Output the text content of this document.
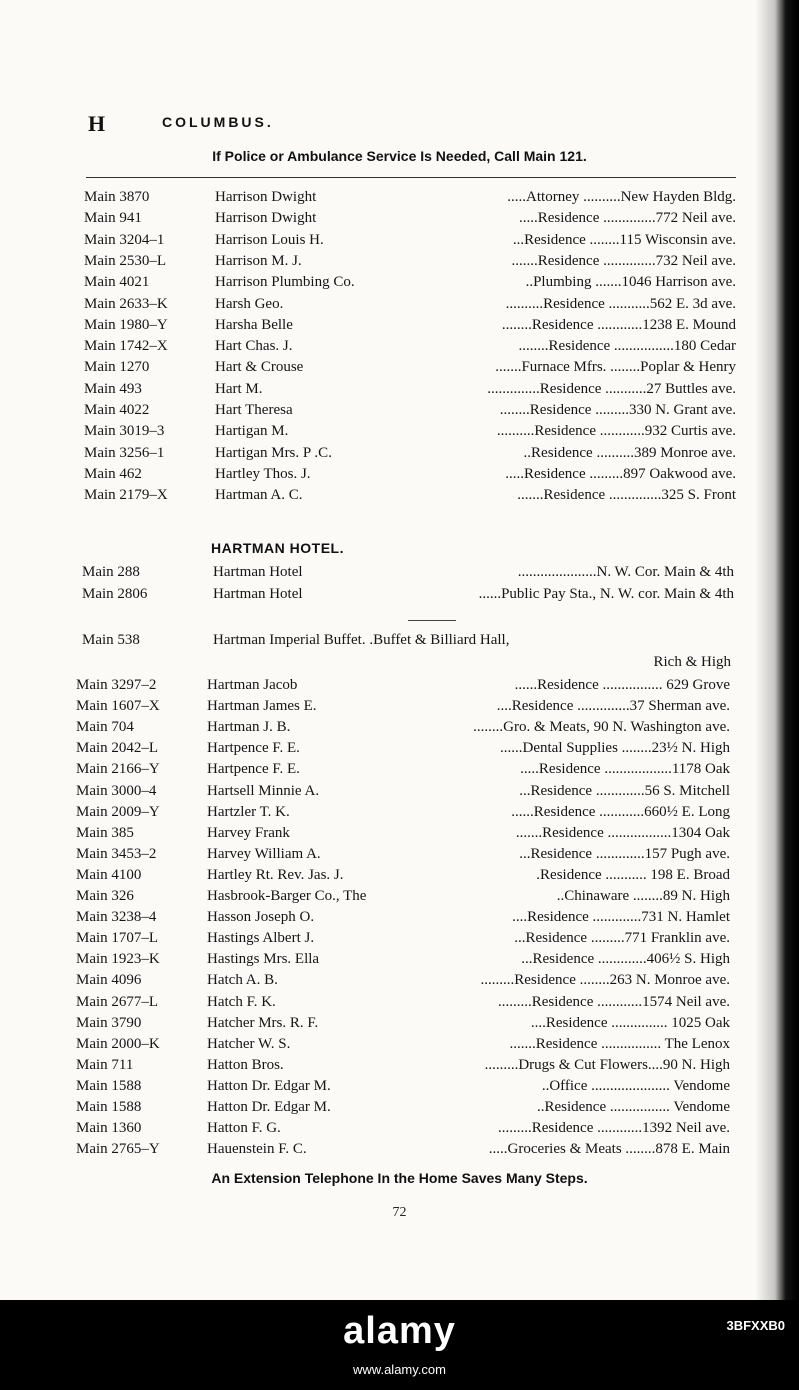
H	COLUMBUS.
If Police or Ambulance Service Is Needed, Call Main 121.
Main 3870	Harrison Dwight	.....Attorney ..........New Hayden Bldg.
Main 941	Harrison Dwight	.....Residence ..............772 Neil ave.
Main 3204–1	Harrison Louis H.	...Residence ........115 Wisconsin ave.
Main 2530–L	Harrison M. J.	.......Residence ..............732 Neil ave.
Main 4021	Harrison Plumbing Co.	..Plumbing .......1046 Harrison ave.
Main 2633–K	Harsh Geo.	..........Residence ...........562 E. 3d ave.
Main 1980–Y	Harsha Belle	........Residence ............1238 E. Mound
Main 1742–X	Hart Chas. J.	........Residence ................180 Cedar
Main 1270	Hart & Crouse	.......Furnace Mfrs. ........Poplar & Henry
Main 493	Hart M.	..............Residence ...........27 Buttles ave.
Main 4022	Hart Theresa	........Residence .........330 N. Grant ave.
Main 3019–3	Hartigan M.	..........Residence ............932 Curtis ave.
Main 3256–1	Hartigan Mrs. P .C.	..Residence ..........389 Monroe ave.
Main 462	Hartley Thos. J.	.....Residence .........897 Oakwood ave.
Main 2179–X	Hartman A. C.	.......Residence ..............325 S. Front
HARTMAN HOTEL.
Main 288	Hartman Hotel	.....................N. W. Cor. Main & 4th
Main 2806	Hartman Hotel	......Public Pay Sta., N. W. cor. Main & 4th
Main 538	Hartman Imperial Buffet. .Buffet & Billiard Hall,
Rich & High
Main 3297–2	Hartman Jacob	......Residence ................ 629 Grove
Main 1607–X	Hartman James E.	....Residence ..............37 Sherman ave.
Main 704	Hartman J. B.	........Gro. & Meats, 90 N. Washington ave.
Main 2042–L	Hartpence F. E.	......Dental Supplies ........23½ N. High
Main 2166–Y	Hartpence F. E.	.....Residence ..................1178 Oak
Main 3000–4	Hartsell Minnie A.	...Residence .............56 S. Mitchell
Main 2009–Y	Hartzler T. K.	......Residence ............660½ E. Long
Main 385	Harvey Frank	.......Residence .................1304 Oak
Main 3453–2	Harvey William A.	...Residence .............157 Pugh ave.
Main 4100	Hartley Rt. Rev. Jas. J.	.Residence ........... 198 E. Broad
Main 326	Hasbrook-Barger Co., The	..Chinaware ........89 N. High
Main 3238–4	Hasson Joseph O.	....Residence .............731 N. Hamlet
Main 1707–L	Hastings Albert J.	...Residence .........771 Franklin ave.
Main 1923–K	Hastings Mrs. Ella	...Residence .............406½ S. High
Main 4096	Hatch A. B.	.........Residence ........263 N. Monroe ave.
Main 2677–L	Hatch F. K.	.........Residence ............1574 Neil ave.
Main 3790	Hatcher Mrs. R. F.	....Residence ............... 1025 Oak
Main 2000–K	Hatcher W. S.	.......Residence ................ The Lenox
Main 711	Hatton Bros.	.........Drugs & Cut Flowers....90 N. High
Main 1588	Hatton Dr. Edgar M.	..Office ..................... Vendome
Main 1588	Hatton Dr. Edgar M.	..Residence ................ Vendome
Main 1360	Hatton F. G.	.........Residence ............1392 Neil ave.
Main 2765–Y	Hauenstein F. C.	.....Groceries & Meats ........878 E. Main
An Extension Telephone In the Home Saves Many Steps.
72
alamy	3BFXXB0
www.alamy.com
